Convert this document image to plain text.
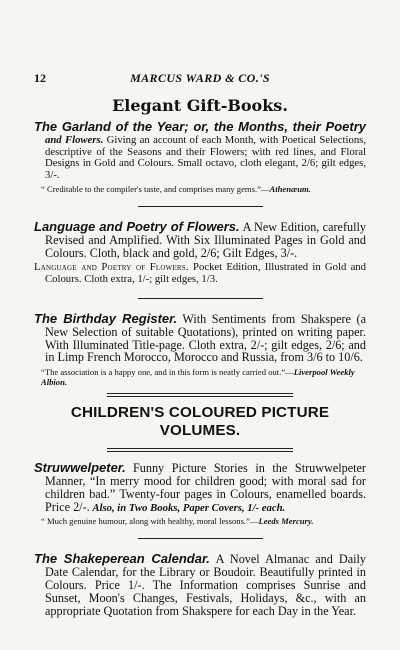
12	MARCUS WARD & CO.'S
Elegant Gift-Books.
The Garland of the Year; or, the Months, their Poetry and Flowers. Giving an account of each Month, with Poetical Selections, descriptive of the Seasons and their Flowers; with red lines, and Floral Designs in Gold and Colours. Small octavo, cloth elegant, 2/6; gilt edges, 3/-.
“ Creditable to the compiler's taste, and comprises many gems.”—Athenæum.
Language and Poetry of Flowers. A New Edition, carefully Revised and Amplified. With Six Illuminated Pages in Gold and Colours. Cloth, black and gold, 2/6; Gilt Edges, 3/-.
Language and Poetry of Flowers. Pocket Edition, Illustrated in Gold and Colours. Cloth extra, 1/-; gilt edges, 1/3.
The Birthday Register. With Sentiments from Shakspere (a New Selection of suitable Quotations), printed on writing paper. With Illuminated Title-page. Cloth extra, 2/-; gilt edges, 2/6; and in Limp French Morocco, Morocco and Russia, from 3/6 to 10/6.
“The association is a happy one, and in this form is neatly carried out.”—Liverpool Weekly Albion.
CHILDREN'S COLOURED PICTURE VOLUMES.
Struwwelpeter. Funny Picture Stories in the Struwwelpeter Manner, “In merry mood for children good; with moral sad for children bad.” Twenty-four pages in Colours, enamelled boards. Price 2/-. Also, in Two Books, Paper Covers, 1/- each.
“ Much genuine humour, along with healthy, moral lessons.”—Leeds Mercury.
The Shakeperean Calendar. A Novel Almanac and Daily Date Calendar, for the Library or Boudoir. Beautifully printed in Colours. Price 1/-. The Information comprises Sunrise and Sunset, Moon's Changes, Festivals, Holidays, &c., with an appropriate Quotation from Shakspere for each Day in the Year.
